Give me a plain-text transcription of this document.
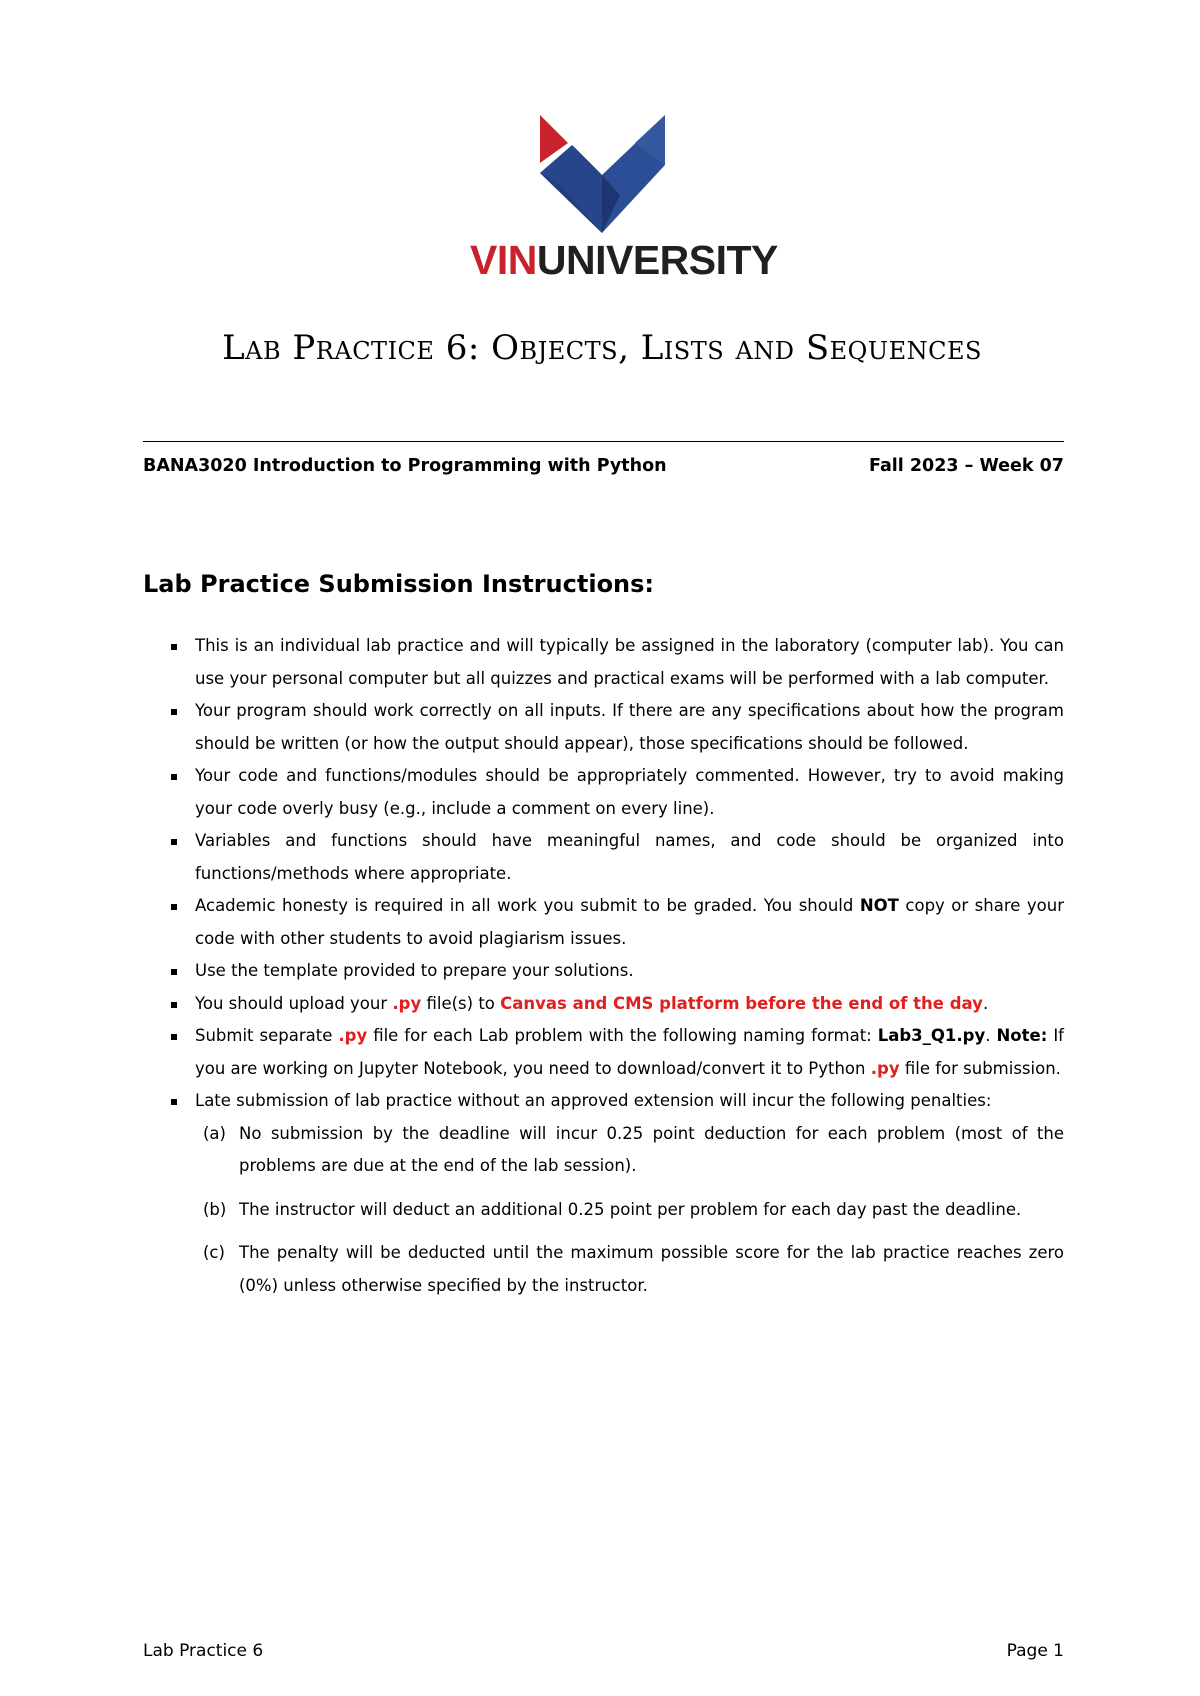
VINUNIVERSITY
Lab Practice 6: Objects, Lists and Sequences
BANA3020 Introduction to Programming with Python	Fall 2023 – Week 07
Lab Practice Submission Instructions:
This is an individual lab practice and will typically be assigned in the laboratory (computer lab). You can use your personal computer but all quizzes and practical exams will be performed with a lab computer.
Your program should work correctly on all inputs. If there are any specifications about how the program should be written (or how the output should appear), those specifications should be followed.
Your code and functions/modules should be appropriately commented. However, try to avoid making your code overly busy (e.g., include a comment on every line).
Variables and functions should have meaningful names, and code should be organized into functions/methods where appropriate.
Academic honesty is required in all work you submit to be graded. You should NOT copy or share your code with other students to avoid plagiarism issues.
Use the template provided to prepare your solutions.
You should upload your .py file(s) to Canvas and CMS platform before the end of the day.
Submit separate .py file for each Lab problem with the following naming format: Lab3_Q1.py. Note: If you are working on Jupyter Notebook, you need to download/convert it to Python .py file for submission.
Late submission of lab practice without an approved extension will incur the following penalties:
(a) No submission by the deadline will incur 0.25 point deduction for each problem (most of the problems are due at the end of the lab session).
(b) The instructor will deduct an additional 0.25 point per problem for each day past the deadline.
(c) The penalty will be deducted until the maximum possible score for the lab practice reaches zero (0%) unless otherwise specified by the instructor.
Lab Practice 6	Page 1
